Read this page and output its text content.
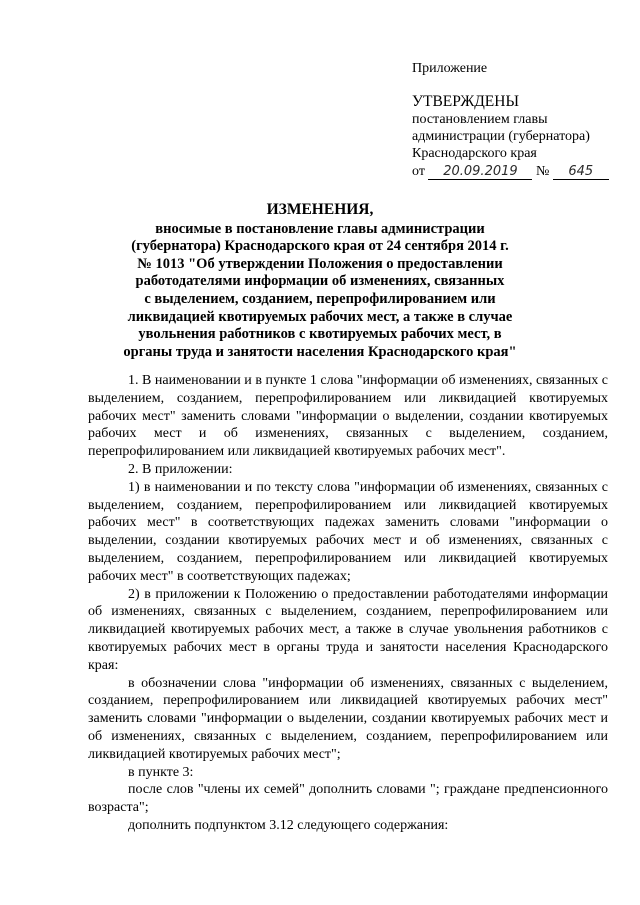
Приложение
УТВЕРЖДЕНЫ
постановлением главы
администрации (губернатора)
Краснодарского края
от 20.09.2019 № 645
ИЗМЕНЕНИЯ,
вносимые в постановление главы администрации
(губернатора) Краснодарского края от 24 сентября 2014 г.
№ 1013 "Об утверждении Положения о предоставлении
работодателями информации об изменениях, связанных
с выделением, созданием, перепрофилированием или
ликвидацией квотируемых рабочих мест, а также в случае
увольнения работников с квотируемых рабочих мест, в
органы труда и занятости населения Краснодарского края"

1. В наименовании и в пункте 1 слова "информации об изменениях, связанных с выделением, созданием, перепрофилированием или ликвидацией квотируемых рабочих мест" заменить словами "информации о выделении, создании квотируемых рабочих мест и об изменениях, связанных с выделением, созданием, перепрофилированием или ликвидацией квотируемых рабочих мест".

2. В приложении:

1) в наименовании и по тексту слова "информации об изменениях, связанных с выделением, созданием, перепрофилированием или ликвидацией квотируемых рабочих мест" в соответствующих падежах заменить словами "информации о выделении, создании квотируемых рабочих мест и об изменениях, связанных с выделением, созданием, перепрофилированием или ликвидацией квотируемых рабочих мест" в соответствующих падежах;

2) в приложении к Положению о предоставлении работодателями информации об изменениях, связанных с выделением, созданием, перепрофилированием или ликвидацией квотируемых рабочих мест, а также в случае увольнения работников с квотируемых рабочих мест в органы труда и занятости населения Краснодарского края:

в обозначении слова "информации об изменениях, связанных с выделением, созданием, перепрофилированием или ликвидацией квотируемых рабочих мест" заменить словами "информации о выделении, создании квотируемых рабочих мест и об изменениях, связанных с выделением, созданием, перепрофилированием или ликвидацией квотируемых рабочих мест";

в пункте 3:

после слов "члены их семей" дополнить словами "; граждане предпенсионного возраста";

дополнить подпунктом 3.12 следующего содержания:
